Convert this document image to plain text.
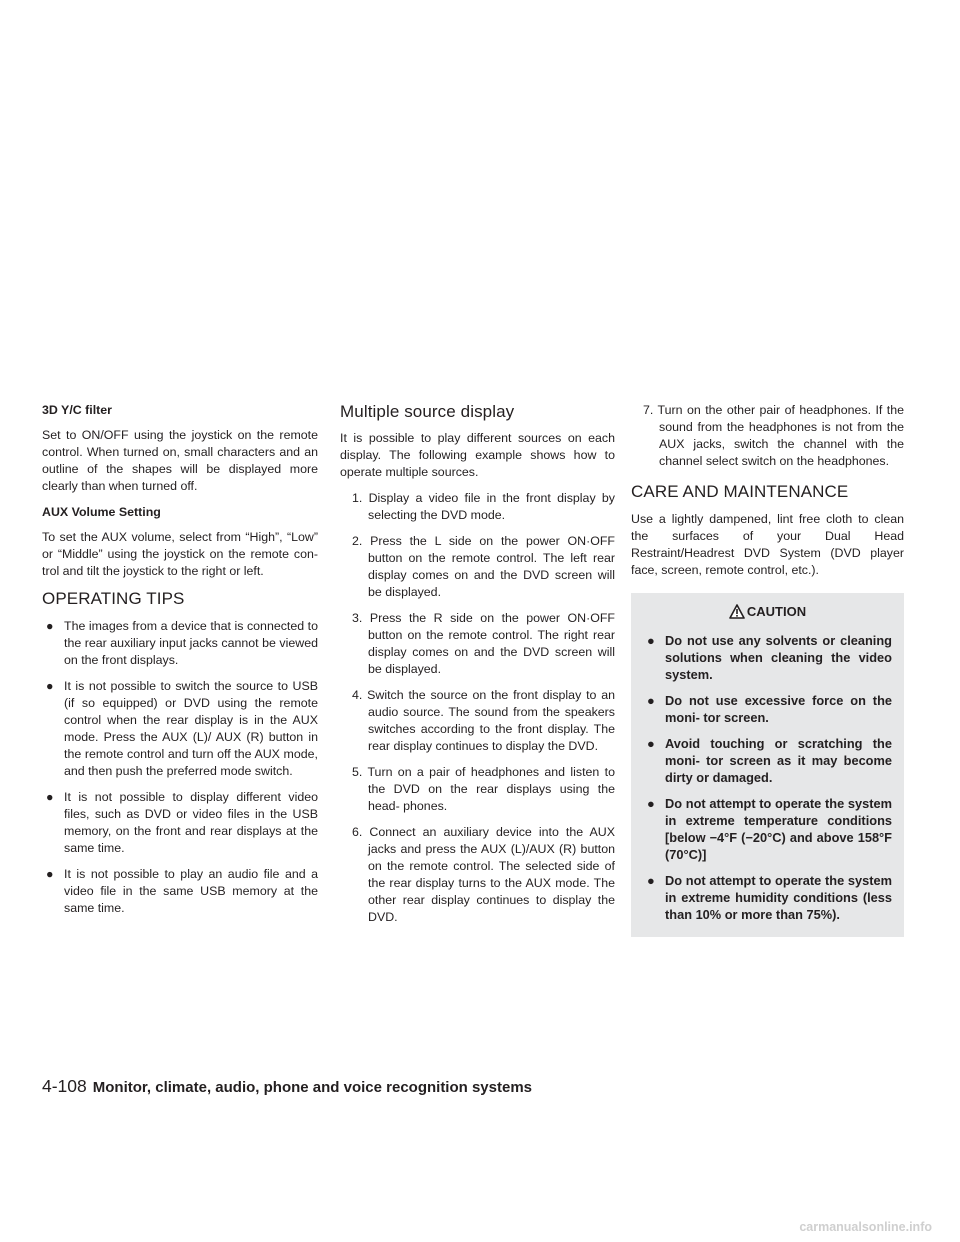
3D Y/C filter

Set to ON/OFF using the joystick on the remote control. When turned on, small characters and an outline of the shapes will be displayed more clearly than when turned off.

AUX Volume Setting

To set the AUX volume, select from “High”, “Low” or “Middle” using the joystick on the remote con- trol and tilt the joystick to the right or left.

OPERATING TIPS
● The images from a device that is connected to the rear auxiliary input jacks cannot be viewed on the front displays.
● It is not possible to switch the source to USB (if so equipped) or DVD using the remote control when the rear display is in the AUX mode. Press the AUX (L)/ AUX (R) button in the remote control and turn off the AUX mode, and then push the preferred mode switch.
● It is not possible to display different video files, such as DVD or video files in the USB memory, on the front and rear displays at the same time.
● It is not possible to play an audio file and a video file in the same USB memory at the same time.
Multiple source display

It is possible to play different sources on each display. The following example shows how to operate multiple sources.

1. Display a video file in the front display by selecting the DVD mode.
2. Press the L side on the power ON·OFF button on the remote control. The left rear display comes on and the DVD screen will be displayed.
3. Press the R side on the power ON·OFF button on the remote control. The right rear display comes on and the DVD screen will be displayed.
4. Switch the source on the front display to an audio source. The sound from the speakers switches according to the front display. The rear display continues to display the DVD.
5. Turn on a pair of headphones and listen to the DVD on the rear displays using the head- phones.
6. Connect an auxiliary device into the AUX jacks and press the AUX (L)/AUX (R) button on the remote control. The selected side of the rear display turns to the AUX mode. The other rear display continues to display the DVD.
7. Turn on the other pair of headphones. If the sound from the headphones is not from the AUX jacks, switch the channel with the channel select switch on the headphones.
CARE AND MAINTENANCE

Use a lightly dampened, lint free cloth to clean the surfaces of your Dual Head Restraint/Headrest DVD System (DVD player face, screen, remote control, etc.).

CAUTION
● Do not use any solvents or cleaning solutions when cleaning the video system.
● Do not use excessive force on the moni- tor screen.
● Avoid touching or scratching the moni- tor screen as it may become dirty or damaged.
● Do not attempt to operate the system in extreme temperature conditions [below −4°F (−20°C) and above 158°F (70°C)]
● Do not attempt to operate the system in extreme humidity conditions (less than 10% or more than 75%).
4-108 Monitor, climate, audio, phone and voice recognition systems
carmanualsonline.info
